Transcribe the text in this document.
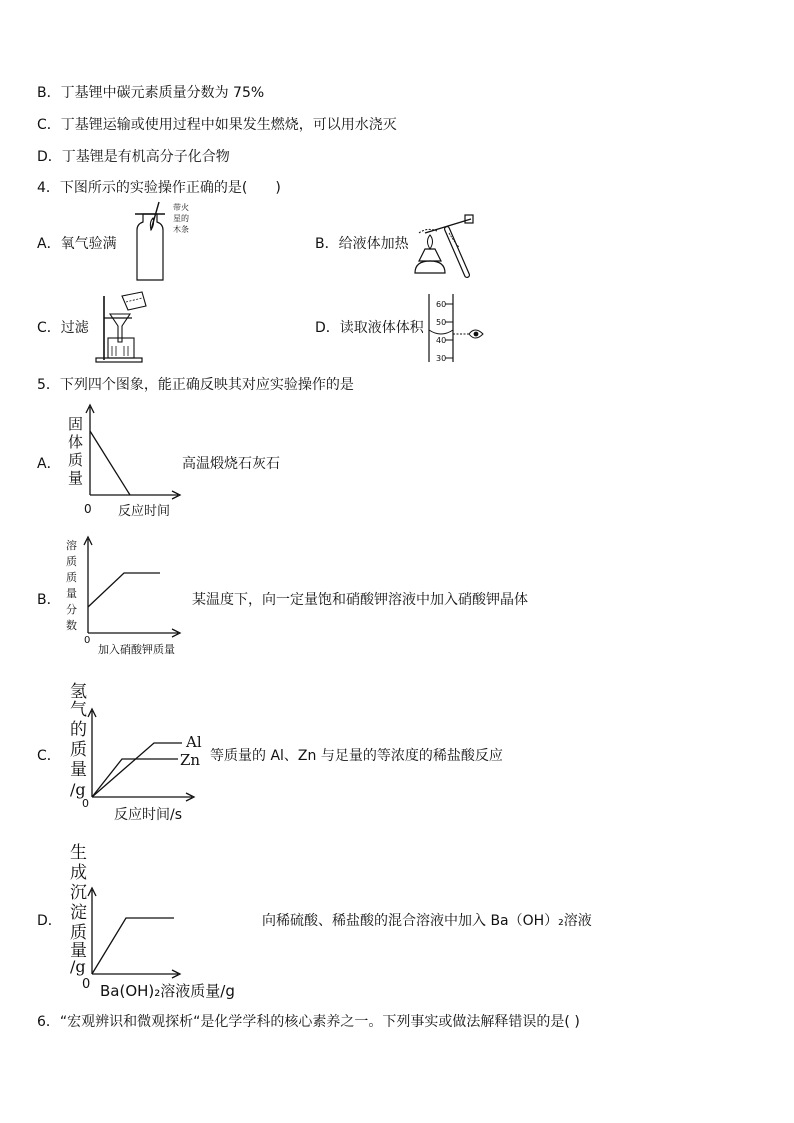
B．丁基锂中碳元素质量分数为 75%
C．丁基锂运输或使用过程中如果发生燃烧，可以用水浇灭
D．丁基锂是有机高分子化合物
4．下图所示的实验操作正确的是(　　)
A．氧气验满
带火
星的
木条
B．给液体加热
C．过滤	D．读取液体体积
60
50
40
30
5．下列四个图象，能正确反映其对应实验操作的是
A．
固
体
质
量
0 反应时间
高温煅烧石灰石
B．
溶
质
质
量
分
数
0
加入硝酸钾质量
某温度下，向一定量饱和硝酸钾溶液中加入硝酸钾晶体
C．
Al
Zn
氢
气
的
质
量
/g
0
反应时间/s
等质量的 Al、Zn 与足量的等浓度的稀盐酸反应
D．
生
成
沉
淀
质
量
/g
0 Ba(OH)₂溶液质量/g
向稀硫酸、稀盐酸的混合溶液中加入 Ba（OH）₂溶液
6．“宏观辨识和微观探析“是化学学科的核心素养之一。下列事实或做法解释错误的是( )
